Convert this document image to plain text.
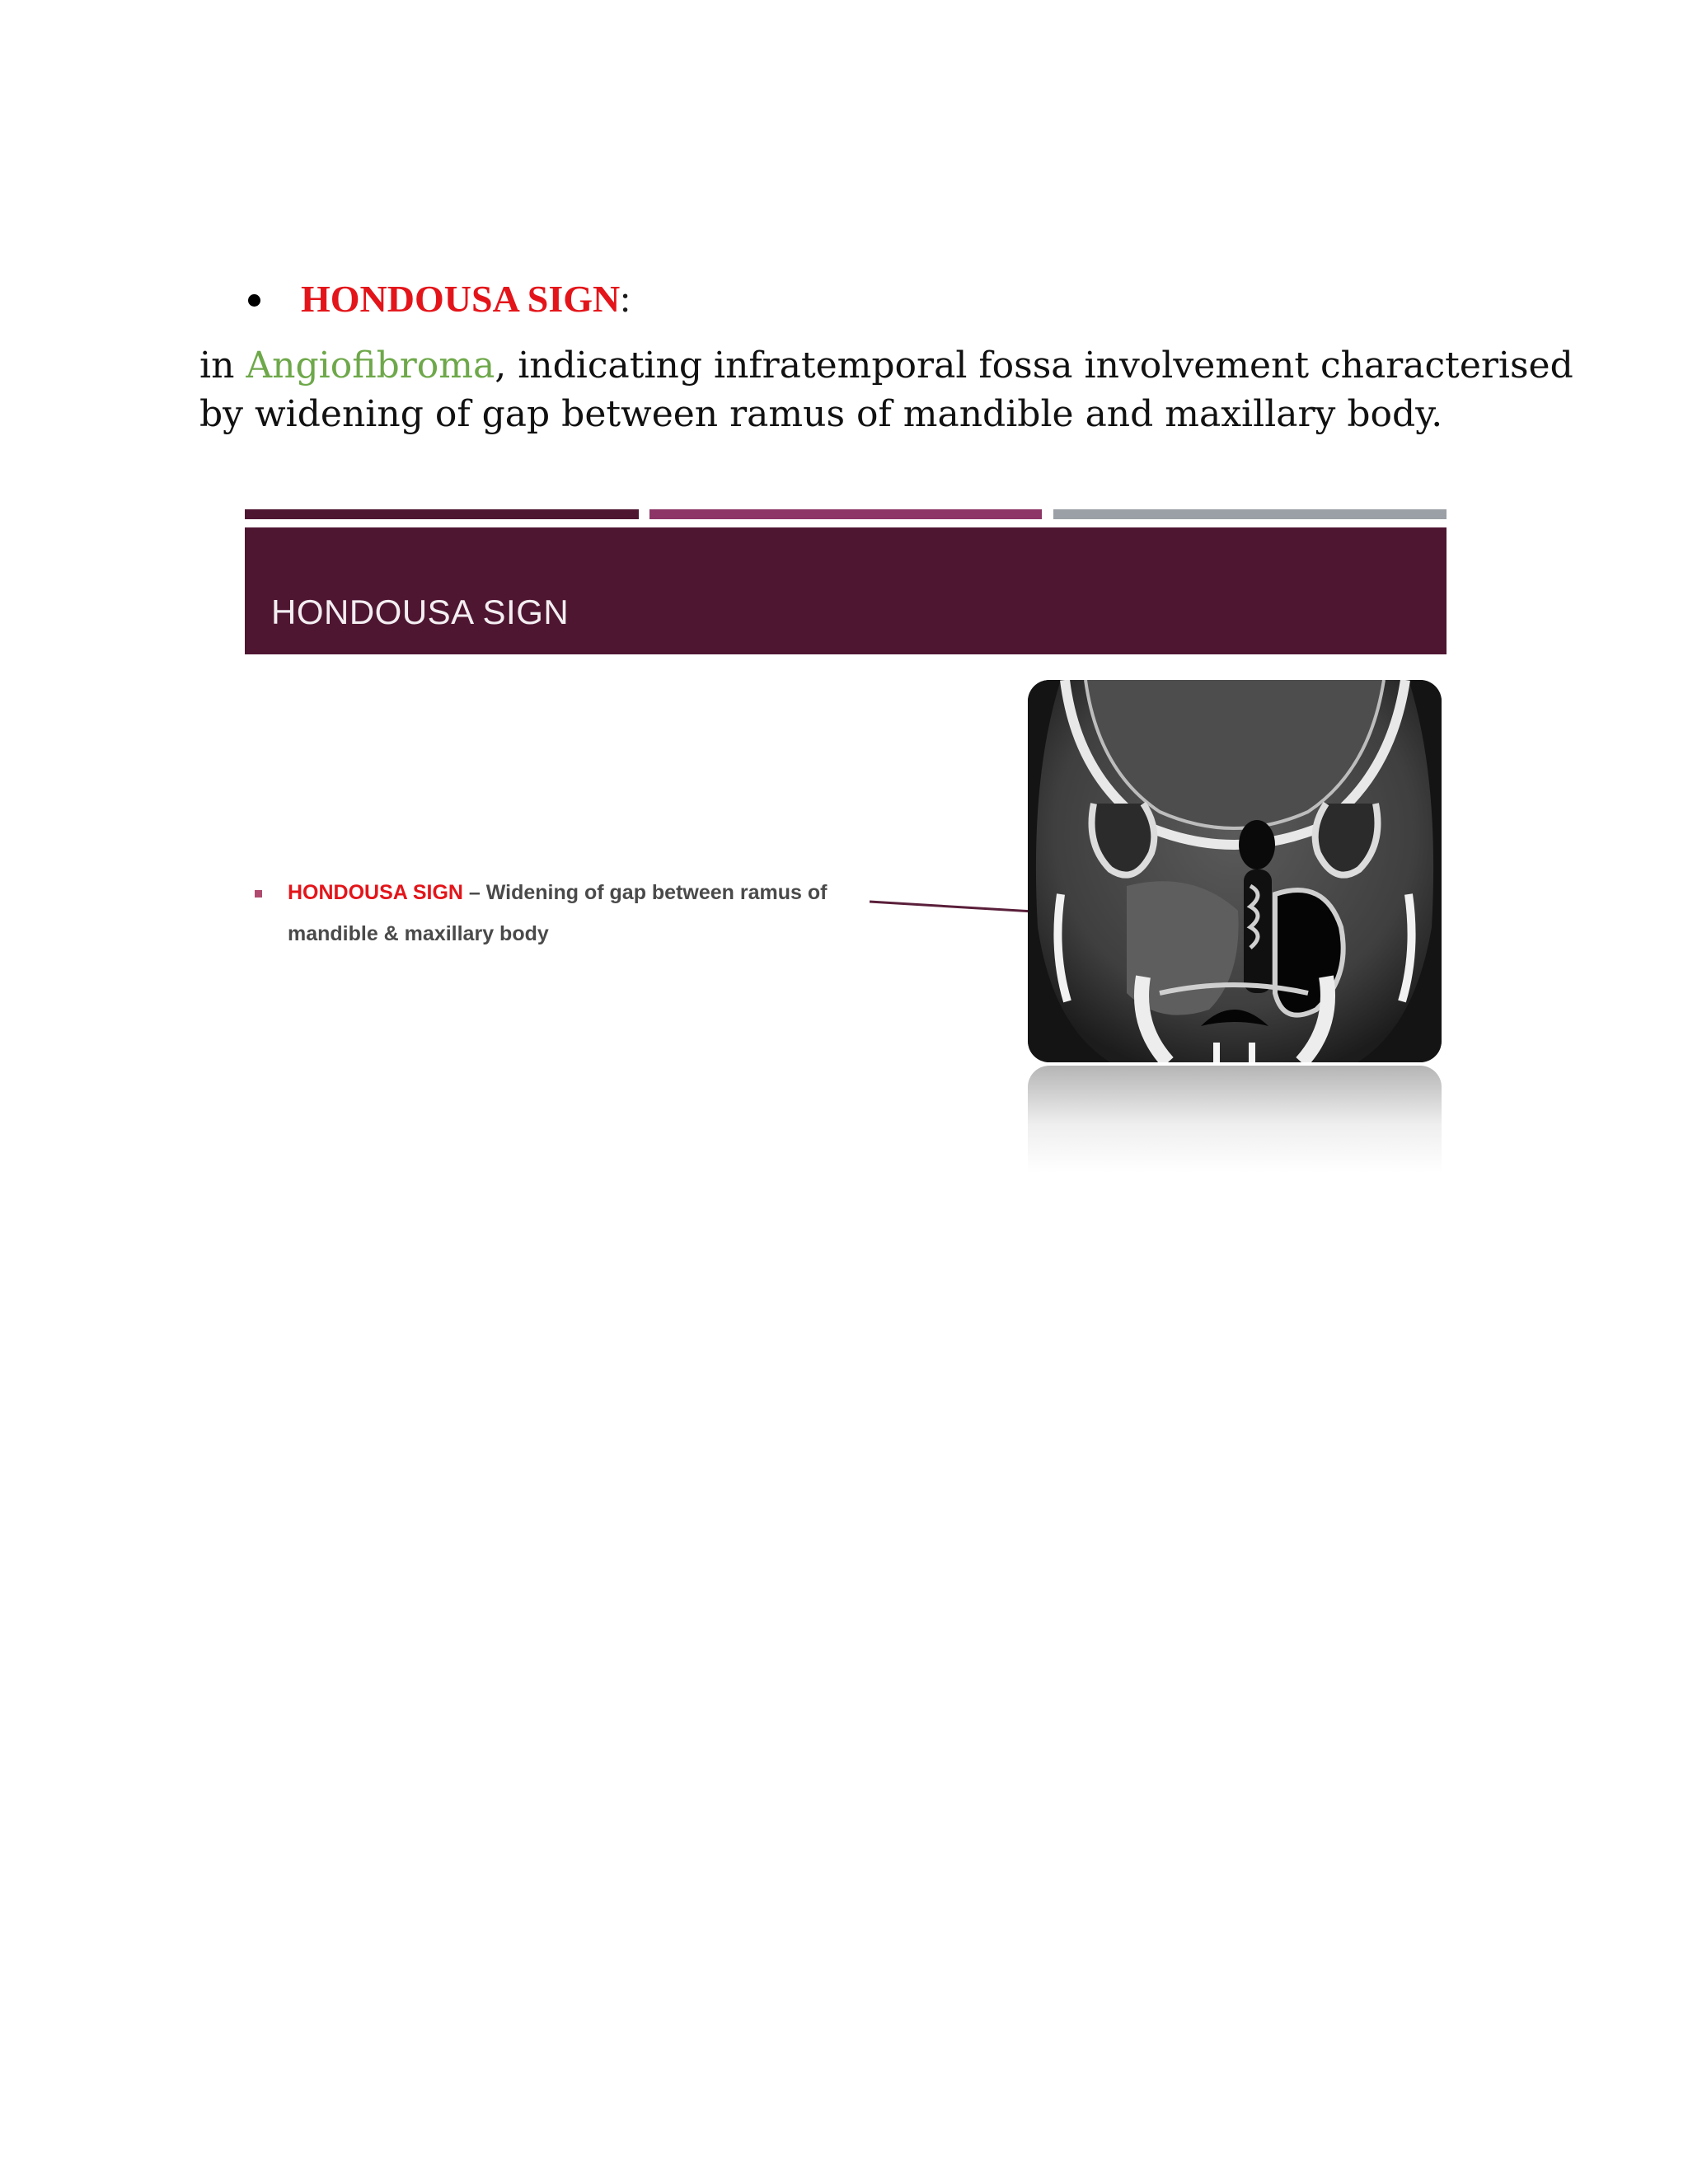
HONDOUSA SIGN:
in Angiofibroma, indicating infratemporal fossa involvement characterised
by widening of gap between ramus of mandible and maxillary body.
HONDOUSA SIGN
HONDOUSA SIGN – Widening of gap between ramus of
mandible & maxillary body
